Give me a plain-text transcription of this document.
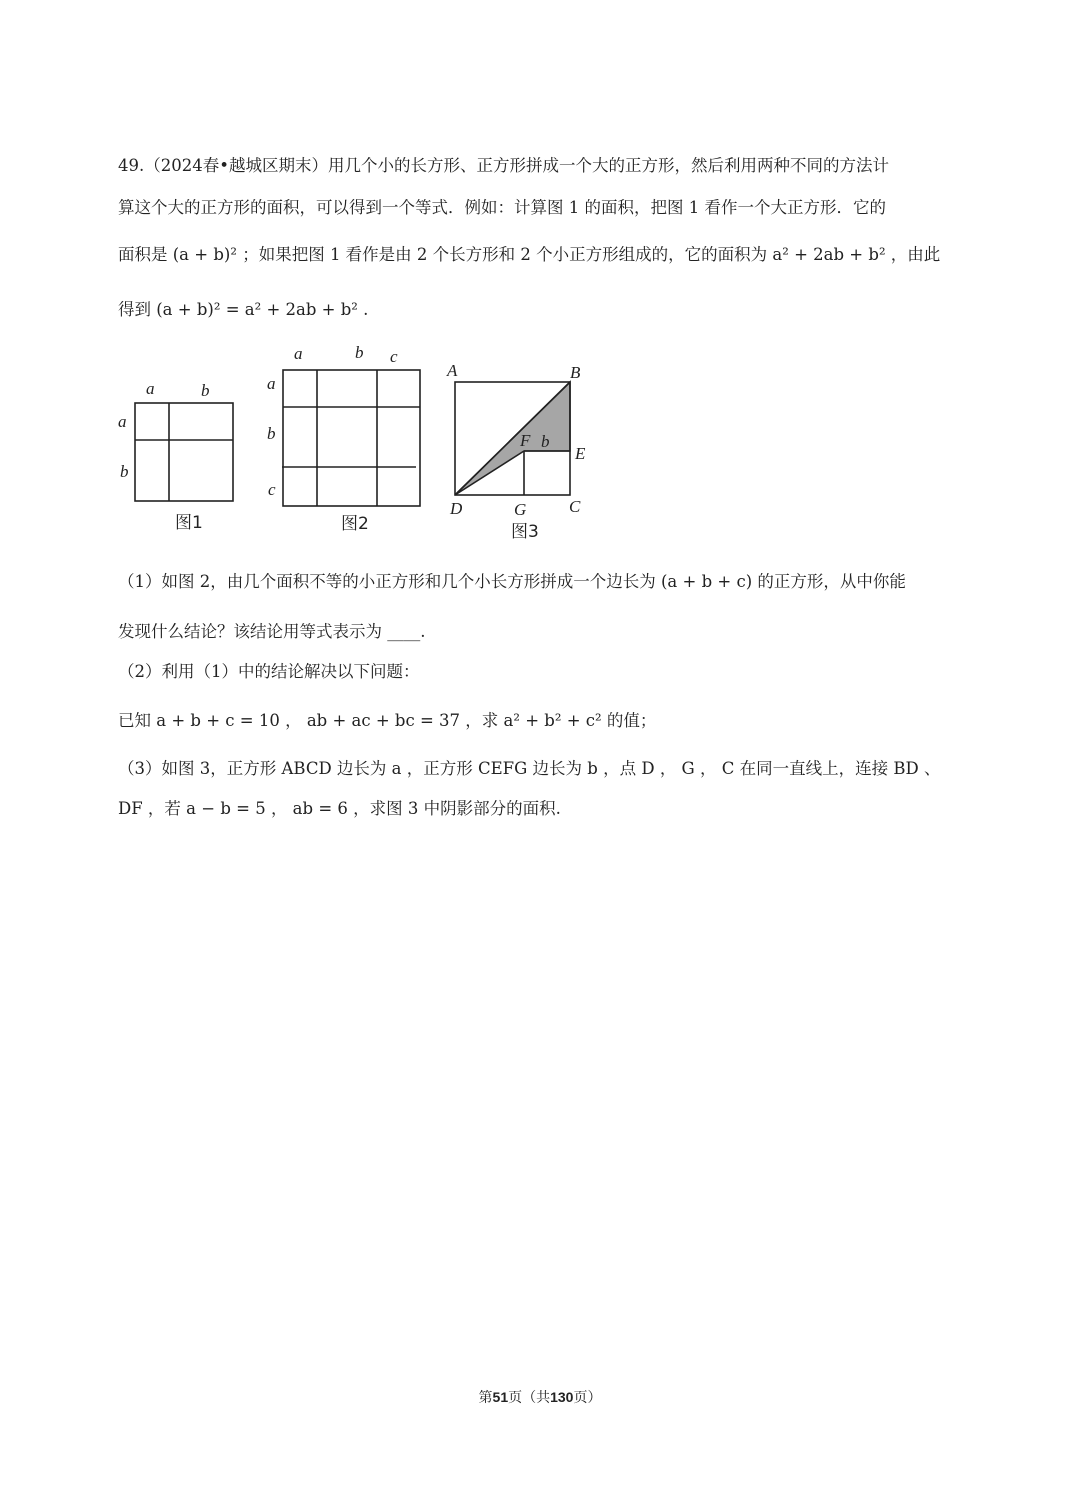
49.（2024春•越城区期末）用几个小的长方形、正方形拼成一个大的正方形，然后利用两种不同的方法计
算这个大的正方形的面积，可以得到一个等式．例如：计算图 1 的面积，把图 1 看作一个大正方形．它的
面积是 (a + b)² ；如果把图 1 看作是由 2 个长方形和 2 个小正方形组成的，它的面积为 a² + 2ab + b² ，由此
得到 (a + b)² = a² + 2ab + b² .
a	b
a
b
图1
a	b c
a
b
c
图2
A	B
E
F b
D	G	C
图3
（1）如图 2，由几个面积不等的小正方形和几个小长方形拼成一个边长为 (a + b + c) 的正方形，从中你能
发现什么结论？该结论用等式表示为 ____.
（2）利用（1）中的结论解决以下问题：
已知 a + b + c = 10 ， ab + ac + bc = 37 ，求 a² + b² + c² 的值；
（3）如图 3，正方形 ABCD 边长为 a ，正方形 CEFG 边长为 b ，点 D ， G ， C 在同一直线上，连接 BD 、
DF ，若 a − b = 5 ， ab = 6 ，求图 3 中阴影部分的面积.
第51页（共130页）
